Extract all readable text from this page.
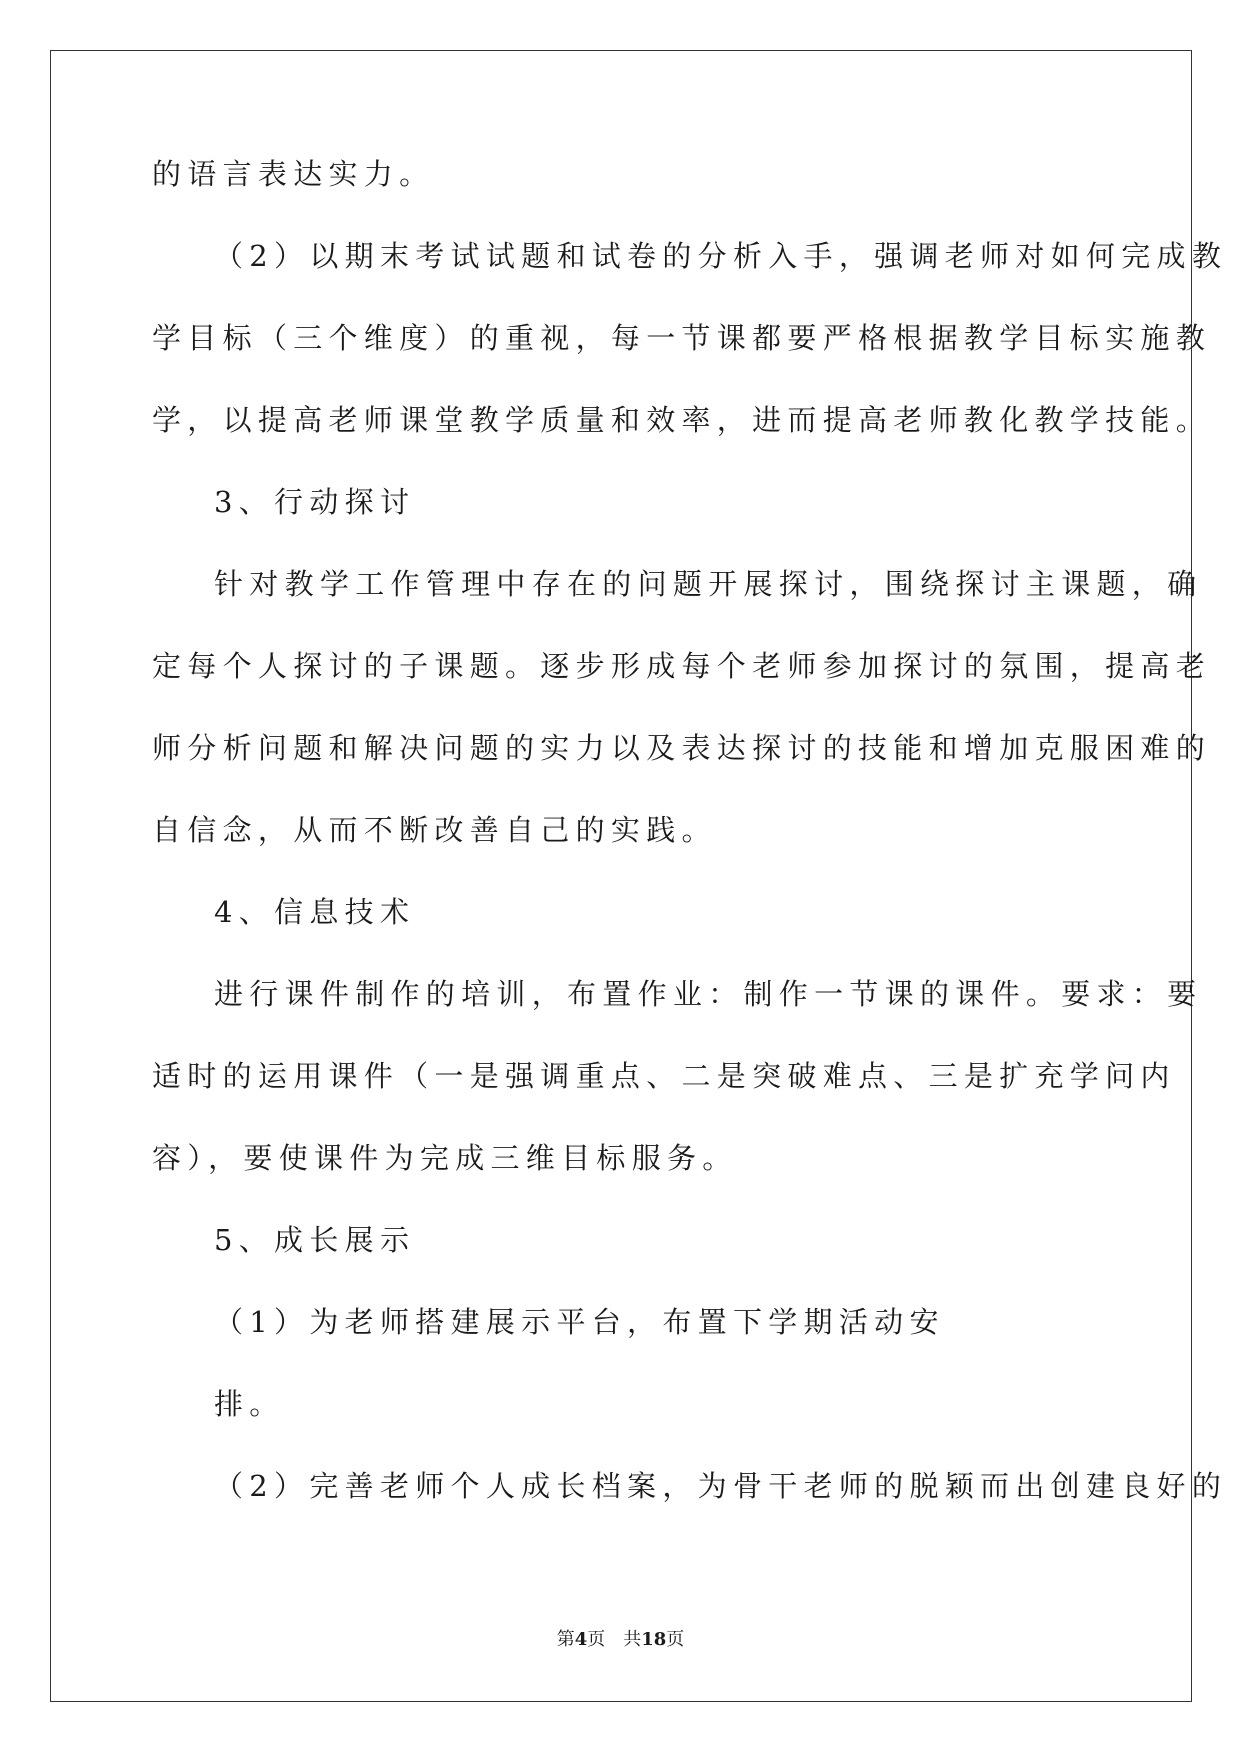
的语言表达实力。
（2）以期末考试试题和试卷的分析入手，强调老师对如何完成教
学目标（三个维度）的重视，每一节课都要严格根据教学目标实施教
学，以提高老师课堂教学质量和效率，进而提高老师教化教学技能。
3、行动探讨
针对教学工作管理中存在的问题开展探讨，围绕探讨主课题，确
定每个人探讨的子课题。逐步形成每个老师参加探讨的氛围，提高老
师分析问题和解决问题的实力以及表达探讨的技能和增加克服困难的
自信念，从而不断改善自己的实践。
4、信息技术
进行课件制作的培训，布置作业：制作一节课的课件。要求：要
适时的运用课件（一是强调重点、二是突破难点、三是扩充学问内
容），要使课件为完成三维目标服务。
5、成长展示
（1）为老师搭建展示平台，布置下学期活动安
排。
（2）完善老师个人成长档案，为骨干老师的脱颖而出创建良好的
第4页 共18页
